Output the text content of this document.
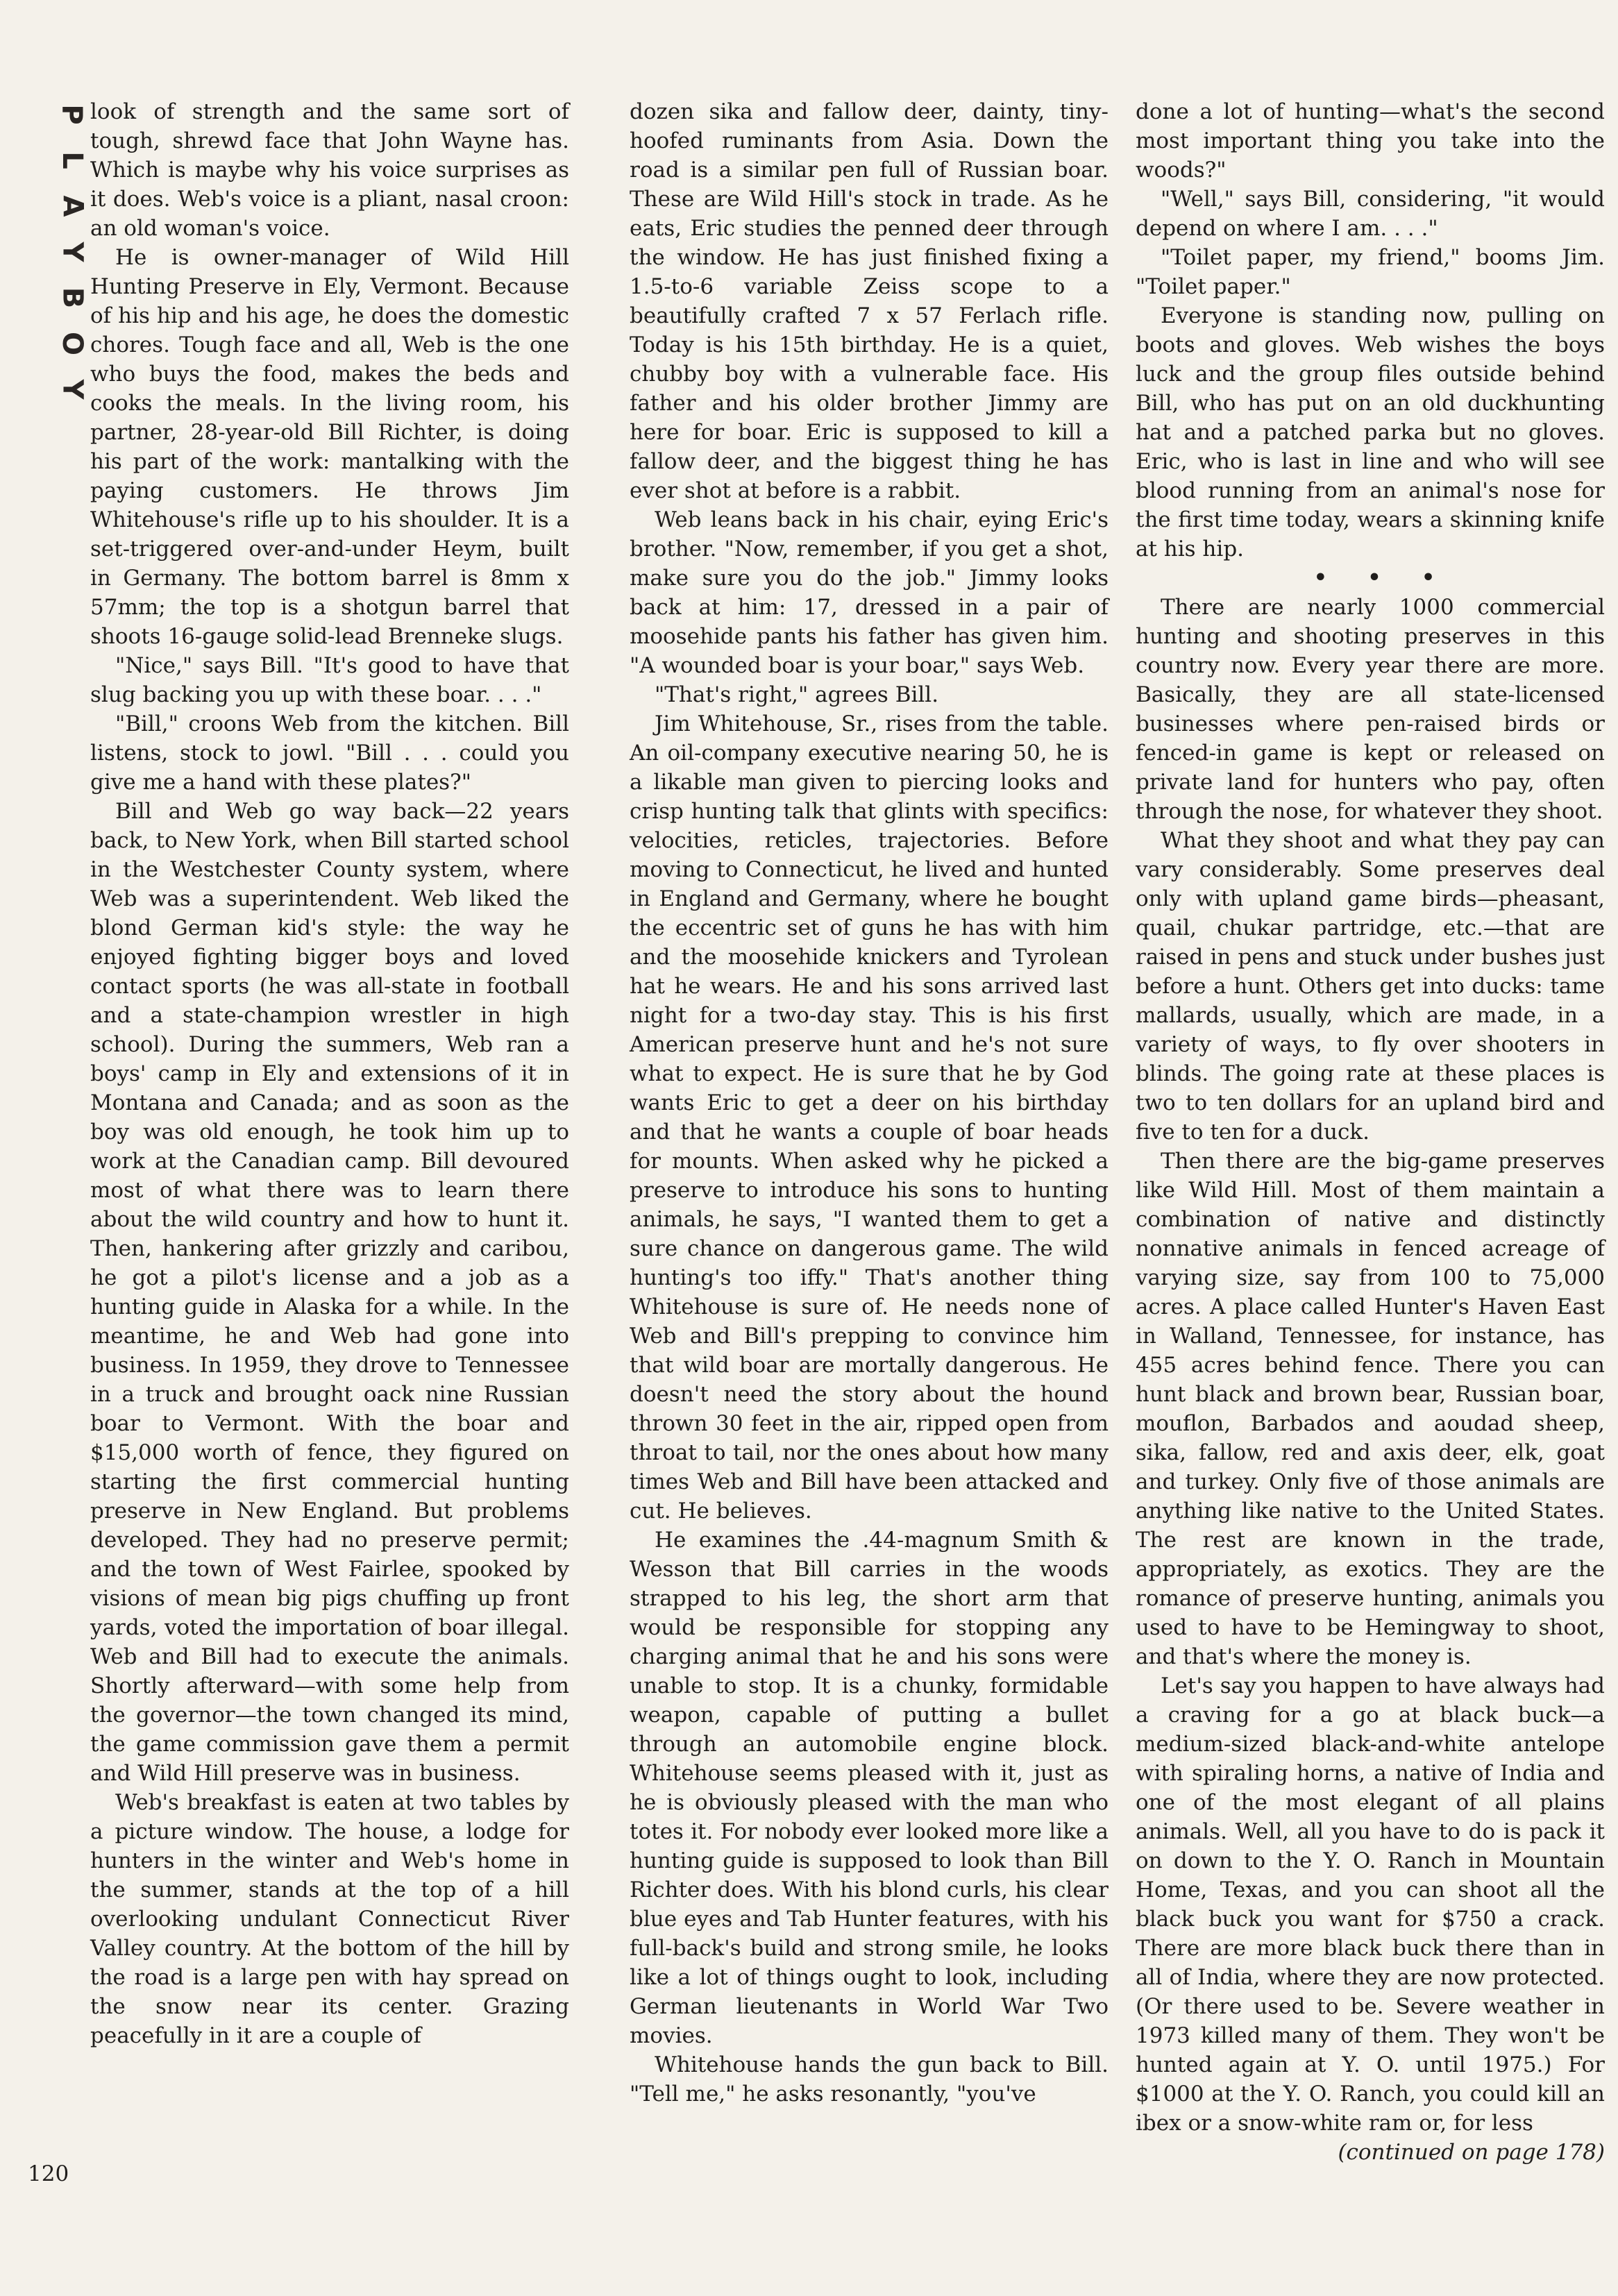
P
L
A
Y
B
O
Y

look of strength and the same sort of tough, shrewd face that John Wayne has. Which is maybe why his voice surprises as it does. Web's voice is a pliant, nasal croon: an old woman's voice.

He is owner-manager of Wild Hill Hunting Preserve in Ely, Vermont. Because of his hip and his age, he does the domestic chores. Tough face and all, Web is the one who buys the food, makes the beds and cooks the meals. In the living room, his partner, 28-year-old Bill Richter, is doing his part of the work: mantalking with the paying customers. He throws Jim Whitehouse's rifle up to his shoulder. It is a set-triggered over-and-under Heym, built in Germany. The bottom barrel is 8mm x 57mm; the top is a shotgun barrel that shoots 16-gauge solid-lead Brenneke slugs.

"Nice," says Bill. "It's good to have that slug backing you up with these boar. . . ."

"Bill," croons Web from the kitchen. Bill listens, stock to jowl. "Bill . . . could you give me a hand with these plates?"

Bill and Web go way back—22 years back, to New York, when Bill started school in the Westchester County system, where Web was a superintendent. Web liked the blond German kid's style: the way he enjoyed fighting bigger boys and loved contact sports (he was all-state in football and a state-champion wrestler in high school). During the summers, Web ran a boys' camp in Ely and extensions of it in Montana and Canada; and as soon as the boy was old enough, he took him up to work at the Canadian camp. Bill devoured most of what there was to learn there about the wild country and how to hunt it. Then, hankering after grizzly and caribou, he got a pilot's license and a job as a hunting guide in Alaska for a while. In the meantime, he and Web had gone into business. In 1959, they drove to Tennessee in a truck and brought oack nine Russian boar to Vermont. With the boar and $15,000 worth of fence, they figured on starting the first commercial hunting preserve in New England. But problems developed. They had no preserve permit; and the town of West Fairlee, spooked by visions of mean big pigs chuffing up front yards, voted the importation of boar illegal. Web and Bill had to execute the animals. Shortly afterward—with some help from the governor—the town changed its mind, the game commission gave them a permit and Wild Hill preserve was in business.

Web's breakfast is eaten at two tables by a picture window. The house, a lodge for hunters in the winter and Web's home in the summer, stands at the top of a hill overlooking undulant Connecticut River Valley country. At the bottom of the hill by the road is a large pen with hay spread on the snow near its center. Grazing peacefully in it are a couple of

dozen sika and fallow deer, dainty, tiny-hoofed ruminants from Asia. Down the road is a similar pen full of Russian boar. These are Wild Hill's stock in trade. As he eats, Eric studies the penned deer through the window. He has just finished fixing a 1.5-to-6 variable Zeiss scope to a beautifully crafted 7 x 57 Ferlach rifle. Today is his 15th birthday. He is a quiet, chubby boy with a vulnerable face. His father and his older brother Jimmy are here for boar. Eric is supposed to kill a fallow deer, and the biggest thing he has ever shot at before is a rabbit.

Web leans back in his chair, eying Eric's brother. "Now, remember, if you get a shot, make sure you do the job." Jimmy looks back at him: 17, dressed in a pair of moosehide pants his father has given him. "A wounded boar is your boar," says Web.

"That's right," agrees Bill.

Jim Whitehouse, Sr., rises from the table. An oil-company executive nearing 50, he is a likable man given to piercing looks and crisp hunting talk that glints with specifics: velocities, reticles, trajectories. Before moving to Connecticut, he lived and hunted in England and Germany, where he bought the eccentric set of guns he has with him and the moosehide knickers and Tyrolean hat he wears. He and his sons arrived last night for a two-day stay. This is his first American preserve hunt and he's not sure what to expect. He is sure that he by God wants Eric to get a deer on his birthday and that he wants a couple of boar heads for mounts. When asked why he picked a preserve to introduce his sons to hunting animals, he says, "I wanted them to get a sure chance on dangerous game. The wild hunting's too iffy." That's another thing Whitehouse is sure of. He needs none of Web and Bill's prepping to convince him that wild boar are mortally dangerous. He doesn't need the story about the hound thrown 30 feet in the air, ripped open from throat to tail, nor the ones about how many times Web and Bill have been attacked and cut. He believes.

He examines the .44-magnum Smith & Wesson that Bill carries in the woods strapped to his leg, the short arm that would be responsible for stopping any charging animal that he and his sons were unable to stop. It is a chunky, formidable weapon, capable of putting a bullet through an automobile engine block. Whitehouse seems pleased with it, just as he is obviously pleased with the man who totes it. For nobody ever looked more like a hunting guide is supposed to look than Bill Richter does. With his blond curls, his clear blue eyes and Tab Hunter features, with his full-back's build and strong smile, he looks like a lot of things ought to look, including German lieutenants in World War Two movies.

Whitehouse hands the gun back to Bill. "Tell me," he asks resonantly, "you've

done a lot of hunting—what's the second most important thing you take into the woods?"

"Well," says Bill, considering, "it would depend on where I am. . . ."

"Toilet paper, my friend," booms Jim. "Toilet paper."

Everyone is standing now, pulling on boots and gloves. Web wishes the boys luck and the group files outside behind Bill, who has put on an old duckhunting hat and a patched parka but no gloves. Eric, who is last in line and who will see blood running from an animal's nose for the first time today, wears a skinning knife at his hip.

• • •

There are nearly 1000 commercial hunting and shooting preserves in this country now. Every year there are more. Basically, they are all state-licensed businesses where pen-raised birds or fenced-in game is kept or released on private land for hunters who pay, often through the nose, for whatever they shoot.

What they shoot and what they pay can vary considerably. Some preserves deal only with upland game birds—pheasant, quail, chukar partridge, etc.—that are raised in pens and stuck under bushes just before a hunt. Others get into ducks: tame mallards, usually, which are made, in a variety of ways, to fly over shooters in blinds. The going rate at these places is two to ten dollars for an upland bird and five to ten for a duck.

Then there are the big-game preserves like Wild Hill. Most of them maintain a combination of native and distinctly nonnative animals in fenced acreage of varying size, say from 100 to 75,000 acres. A place called Hunter's Haven East in Walland, Tennessee, for instance, has 455 acres behind fence. There you can hunt black and brown bear, Russian boar, mouflon, Barbados and aoudad sheep, sika, fallow, red and axis deer, elk, goat and turkey. Only five of those animals are anything like native to the United States. The rest are known in the trade, appropriately, as exotics. They are the romance of preserve hunting, animals you used to have to be Hemingway to shoot, and that's where the money is.

Let's say you happen to have always had a craving for a go at black buck—a medium-sized black-and-white antelope with spiraling horns, a native of India and one of the most elegant of all plains animals. Well, all you have to do is pack it on down to the Y. O. Ranch in Mountain Home, Texas, and you can shoot all the black buck you want for $750 a crack. There are more black buck there than in all of India, where they are now protected. (Or there used to be. Severe weather in 1973 killed many of them. They won't be hunted again at Y. O. until 1975.) For $1000 at the Y. O. Ranch, you could kill an ibex or a snow-white ram or, for less

(continued on page 178)

120
